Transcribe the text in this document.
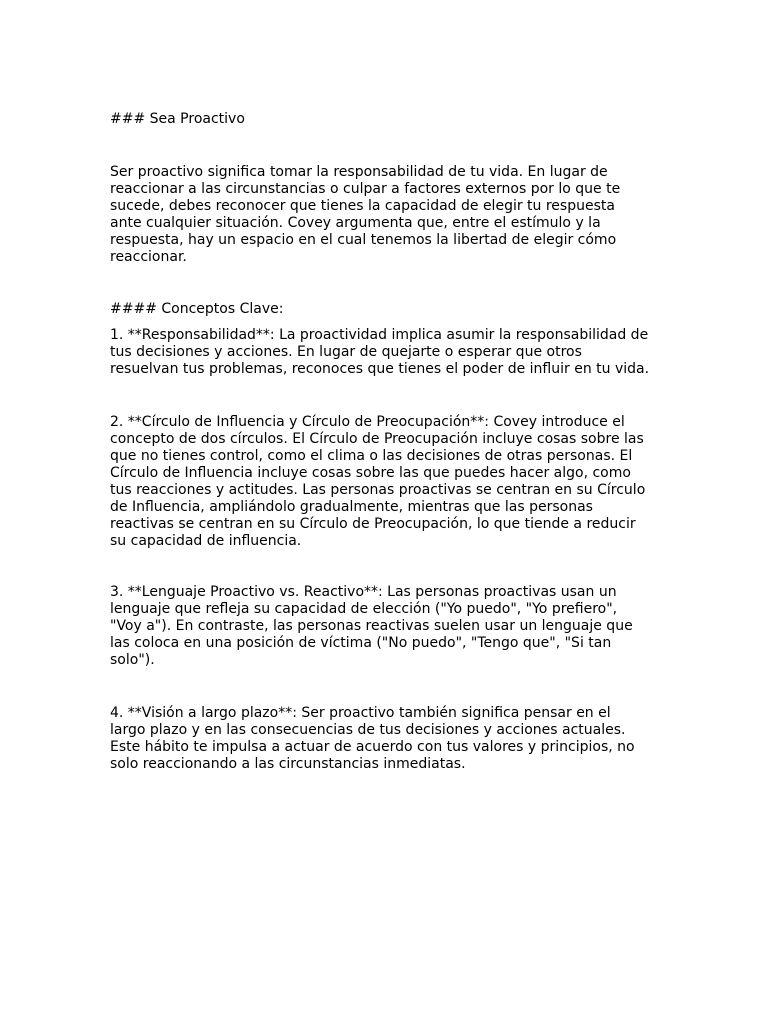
### Sea Proactivo

Ser proactivo significa tomar la responsabilidad de tu vida. En lugar de
reaccionar a las circunstancias o culpar a factores externos por lo que te
sucede, debes reconocer que tienes la capacidad de elegir tu respuesta
ante cualquier situación. Covey argumenta que, entre el estímulo y la
respuesta, hay un espacio en el cual tenemos la libertad de elegir cómo
reaccionar.

#### Conceptos Clave:

1. **Responsabilidad**: La proactividad implica asumir la responsabilidad de
tus decisiones y acciones. En lugar de quejarte o esperar que otros
resuelvan tus problemas, reconoces que tienes el poder de influir en tu vida.

2. **Círculo de Influencia y Círculo de Preocupación**: Covey introduce el
concepto de dos círculos. El Círculo de Preocupación incluye cosas sobre las
que no tienes control, como el clima o las decisiones de otras personas. El
Círculo de Influencia incluye cosas sobre las que puedes hacer algo, como
tus reacciones y actitudes. Las personas proactivas se centran en su Círculo
de Influencia, ampliándolo gradualmente, mientras que las personas
reactivas se centran en su Círculo de Preocupación, lo que tiende a reducir
su capacidad de influencia.

3. **Lenguaje Proactivo vs. Reactivo**: Las personas proactivas usan un
lenguaje que refleja su capacidad de elección ("Yo puedo", "Yo prefiero",
"Voy a"). En contraste, las personas reactivas suelen usar un lenguaje que
las coloca en una posición de víctima ("No puedo", "Tengo que", "Si tan
solo").

4. **Visión a largo plazo**: Ser proactivo también significa pensar en el
largo plazo y en las consecuencias de tus decisiones y acciones actuales.
Este hábito te impulsa a actuar de acuerdo con tus valores y principios, no
solo reaccionando a las circunstancias inmediatas.
